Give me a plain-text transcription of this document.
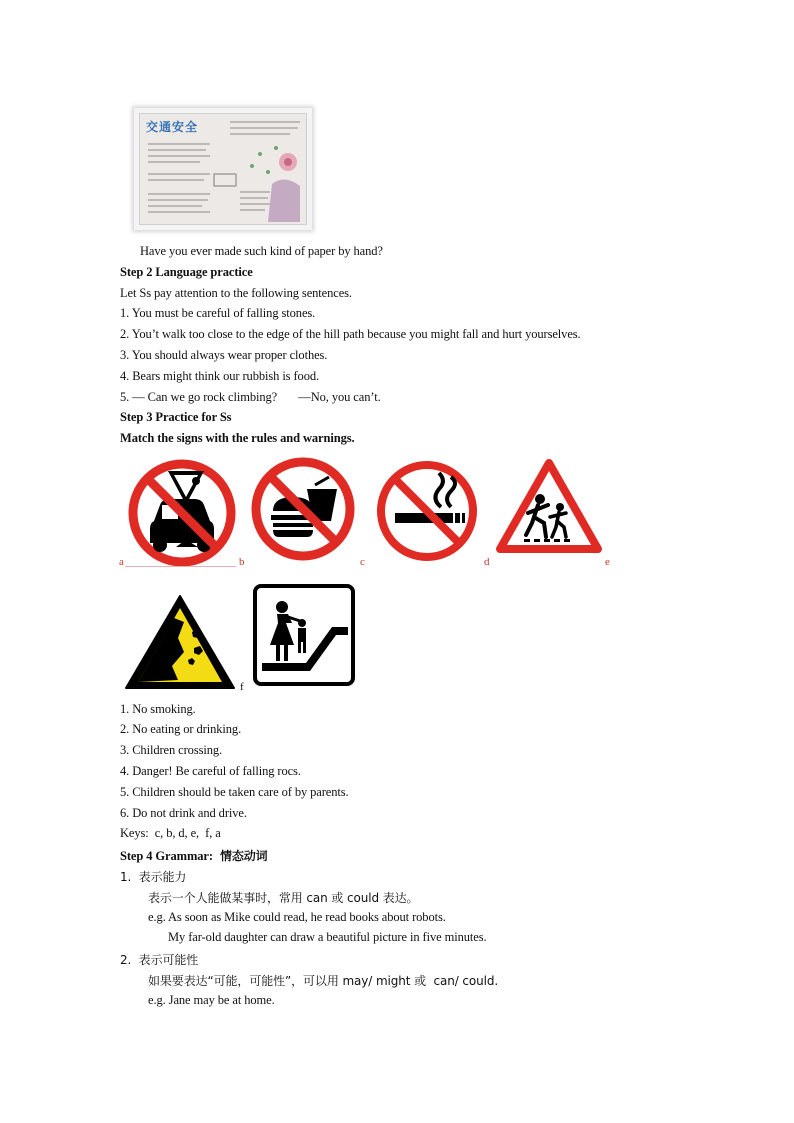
交通安全
Have you ever made such kind of paper by hand?
Step 2 Language practice
Let Ss pay attention to the following sentences.
1. You must be careful of falling stones.
2. You’t walk too close to the edge of the hill path because you might fall and hurt yourselves.
3. You should always wear proper clothes.
4. Bears might think our rubbish is food.
5. — Can we go rock climbing?       —No, you can’t.
Step 3 Practice for Ss
Match the signs with the rules and warnings.
a	b	c	d	e
f
1. No smoking.
2. No eating or drinking.
3. Children crossing.
4. Danger! Be careful of falling rocs.
5. Children should be taken care of by parents.
6. Do not drink and drive.
Keys:  c, b, d, e,  f, a
Step 4 Grammar: 情态动词
1.  表示能力
表示一个人能做某事时，常用 can 或 could 表达。
e.g. As soon as Mike could read, he read books about robots.
My far-old daughter can draw a beautiful picture in five minutes.
2.  表示可能性
如果要表达“可能，可能性”，可以用 may/ might 或  can/ could.
e.g. Jane may be at home.
